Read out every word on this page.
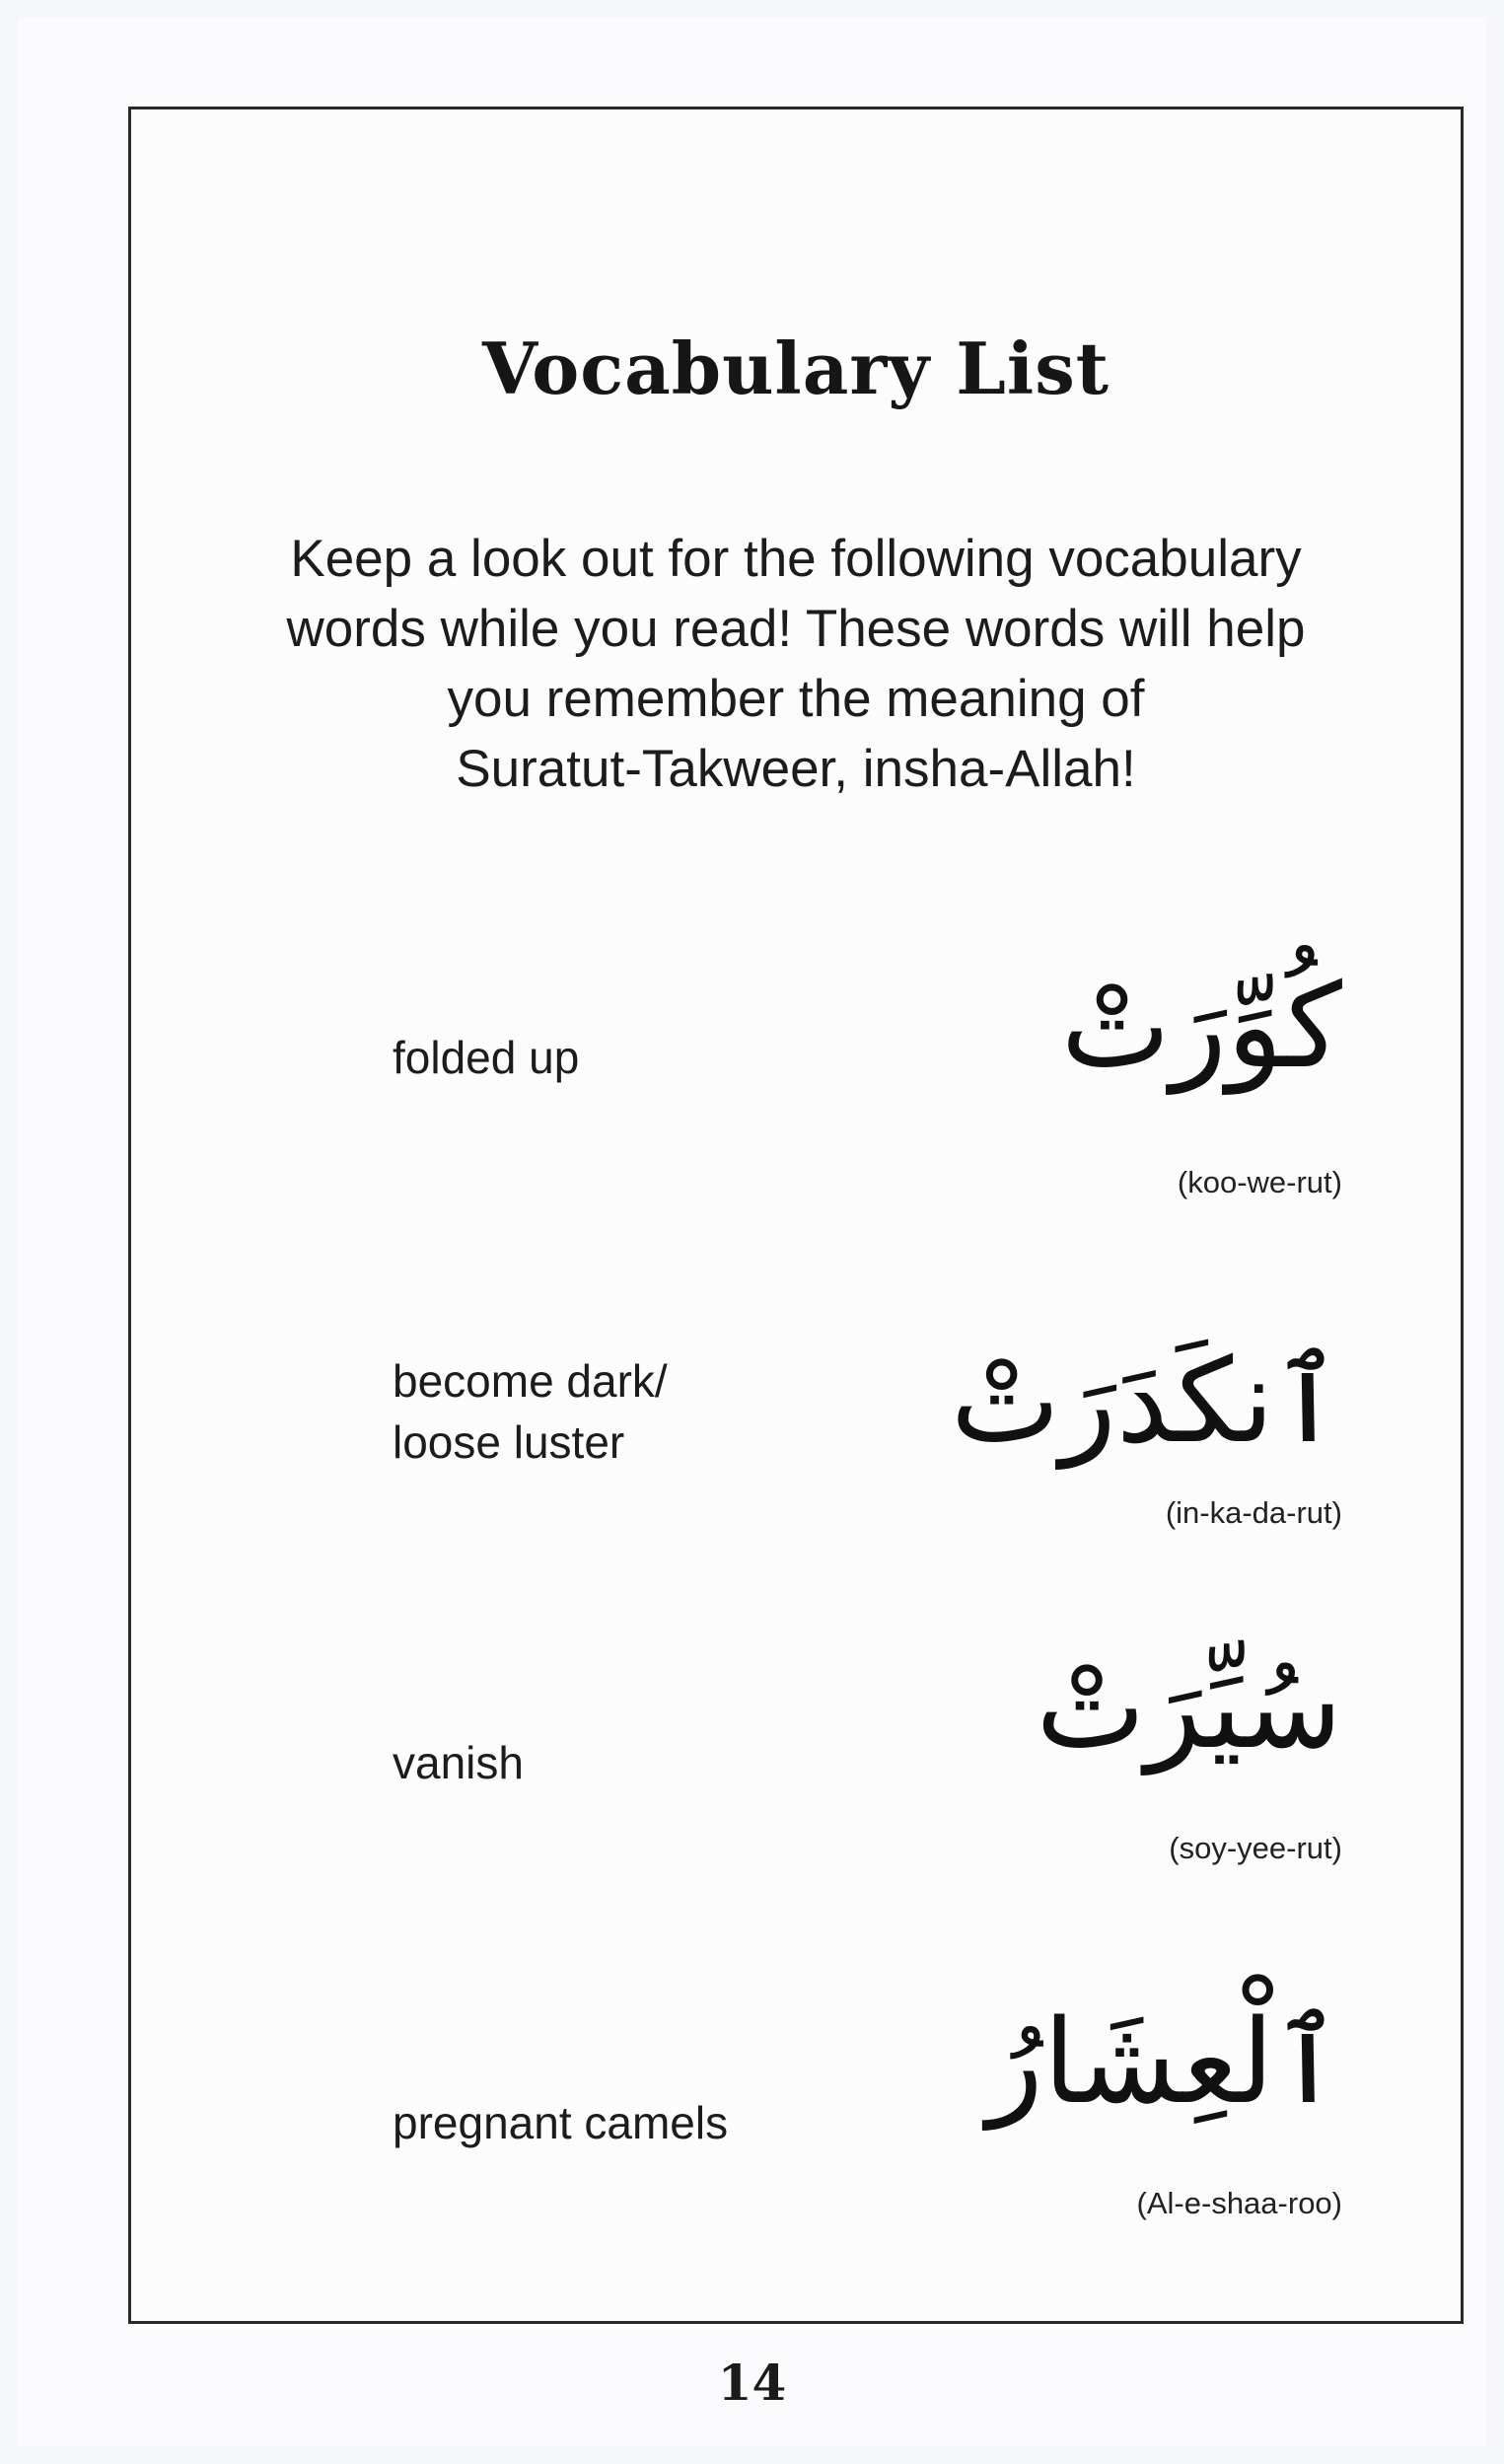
Vocabulary List
Keep a look out for the following vocabulary
words while you read! These words will help
you remember the meaning of
Suratut-Takweer, insha-Allah!
folded up	كُوِّرَتْ
(koo-we-rut)
become dark/
loose luster	ٱنكَدَرَتْ
(in-ka-da-rut)
vanish	سُيِّرَتْ
(soy-yee-rut)
pregnant camels ٱلْعِشَارُ
(Al-e-shaa-roo)
14
